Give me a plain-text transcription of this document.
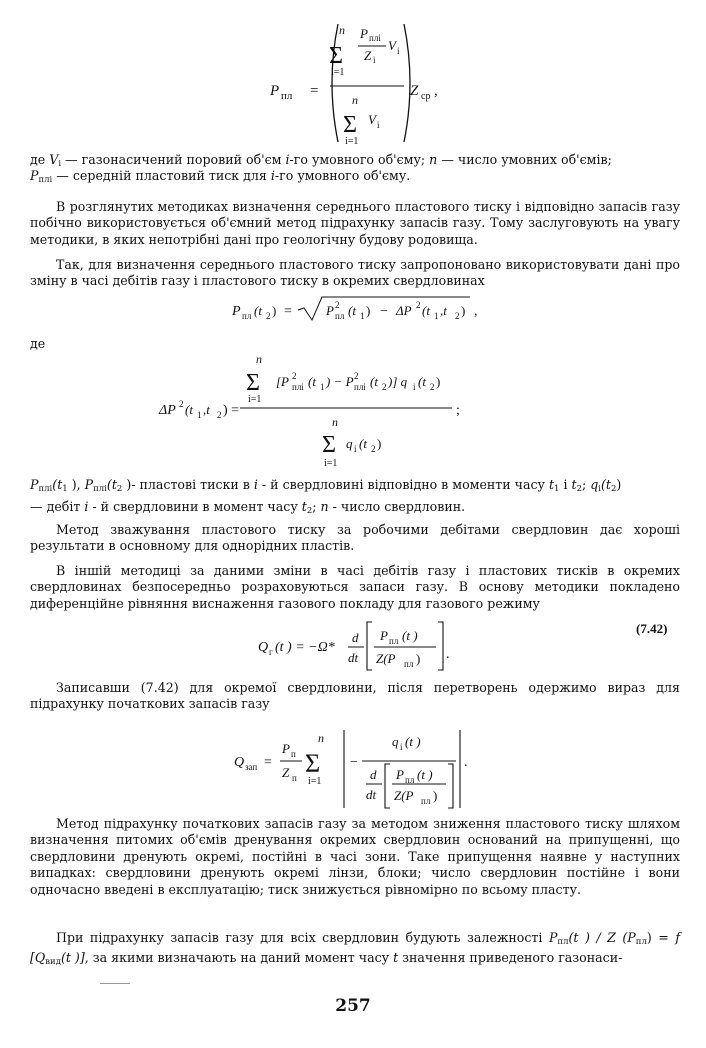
P пл =
n
Σ
i=1
P плi
Z i
V i
n
Σ V i
i=1
Z ср ,
де $V_i$ — газонасичений поровий об'єм i-го умовного об'єму; n — число умовних об'ємів;
$P_{плi}$ — середній пластовий тиск для i-го умовного об'єму.
В розглянутих методиках визначення середнього пластового тиску і відповідно запасів газу побічно використовується об'ємний метод підрахунку запасів газу. Тому заслуговують на увагу методики, в яких непотрібні дані про геологічну будову родовища.
Так, для визначення середнього пластового тиску запропоновано використовувати дані про зміну в часі дебітів газу і пластового тиску в окремих свердловинах
P пл (t 2 ) =	P 2
пл (t 1 ) − ΔP 2 (t 1 ,t 2 ) ,
де
ΔP 2 (t 1 ,t 2 ) =
n
Σ
i=1
[P 2
плi (t 1 ) − P 2
плi (t 2 )] q i (t 2 )
;
n
Σ q i (t 2 )
i=1
$P_{плi}(t_1$ ), $P_{плi}(t_2$ )- пластові тиски в i - й свердловині відповідно в моменти часу $t_1$ і $t_2$; $q_i(t_2)$
— дебіт i - й свердловини в момент часу $t_2$; n - число свердловин.
Метод зважування пластового тиску за робочими дебітами свердловин дає хороші результати в основному для однорідних пластів.
В іншій методиці за даними зміни в часі дебітів газу і пластових тисків в окремих свердловинах безпосередньо розраховуються запаси газу. В основу методики покладено диференційне рівняння виснаження газового покладу для газового режиму
Q г (t ) = −Ω*
d
dt
P пл (t )
Z(P пл ) .
(7.42)
Записавши (7.42) для окремої свердловини, після перетворень одержимо вираз для підрахунку початкових запасів газу
Q зап =
P п
Z п
n
Σ
i=1
−
q i (t )
d
dt
P пл (t )
Z(P пл )
.
Метод підрахунку початкових запасів газу за методом зниження пластового тиску шляхом визначення питомих об'ємів дренування окремих свердловин оснований на припущенні, що свердловини дренують окремі, постійні в часі зони. Таке припущення наявне у наступних випадках: свердловини дренують окремі лінзи, блоки; число свердловин постійне і вони одночасно введені в експлуатацію; тиск знижується рівномірно по всьому пласту.
При підрахунку запасів газу для всіх свердловин будують залежності $P_{пл}(t$ ) / Z $(P_{пл}) = f$ [$Q_{вид}(t$ )], за якими визначають на даний момент часу t значення приведеного газонаси-
257
